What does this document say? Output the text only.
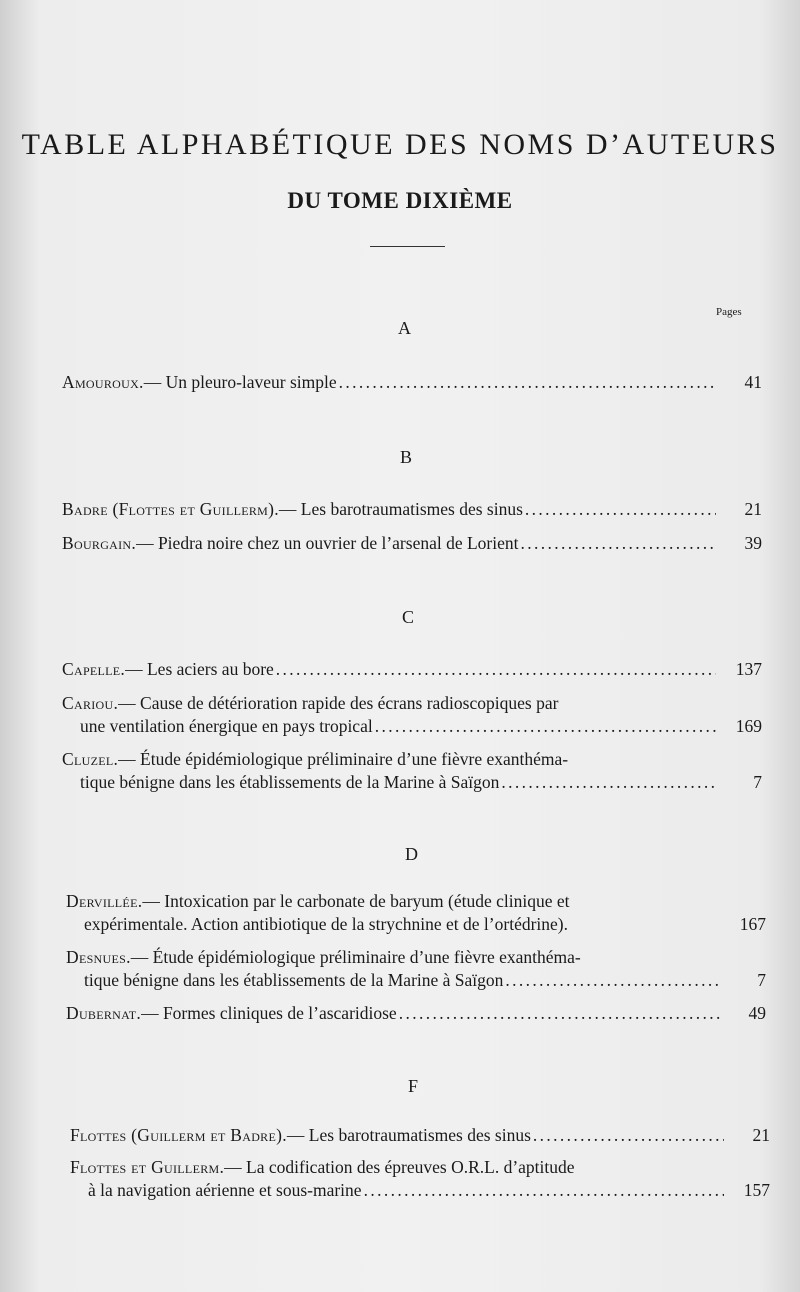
TABLE ALPHABÉTIQUE DES NOMS D’AUTEURS
DU TOME DIXIÈME
Pages
A
Amouroux. — Un pleuro-laveur simple . . .	41
B
Badre (Flottes et Guillerm). — Les barotraumatismes des sinus . . .	21
Bourgain. — Piedra noire chez un ouvrier de l’arsenal de Lorient . . .	39
C
Capelle. — Les aciers au bore . . .	137
Cariou. — Cause de détérioration rapide des écrans radioscopiques par
une ventilation énergique en pays tropical . . .	169
Cluzel. — Étude épidémiologique préliminaire d’une fièvre exanthéma-
tique bénigne dans les établissements de la Marine à Saïgon . . .	7
D
Dervillée. — Intoxication par le carbonate de baryum (étude clinique et
expérimentale. Action antibiotique de la strychnine et de l’ortédrine).	167
Desnues. — Étude épidémiologique préliminaire d’une fièvre exanthéma-
tique bénigne dans les établissements de la Marine à Saïgon . . .	7
Dubernat. — Formes cliniques de l’ascaridiose . . .	49
F
Flottes (Guillerm et Badre). — Les barotraumatismes des sinus . . .	21
Flottes et Guillerm. — La codification des épreuves O.R.L. d’aptitude
à la navigation aérienne et sous-marine . . .	157
